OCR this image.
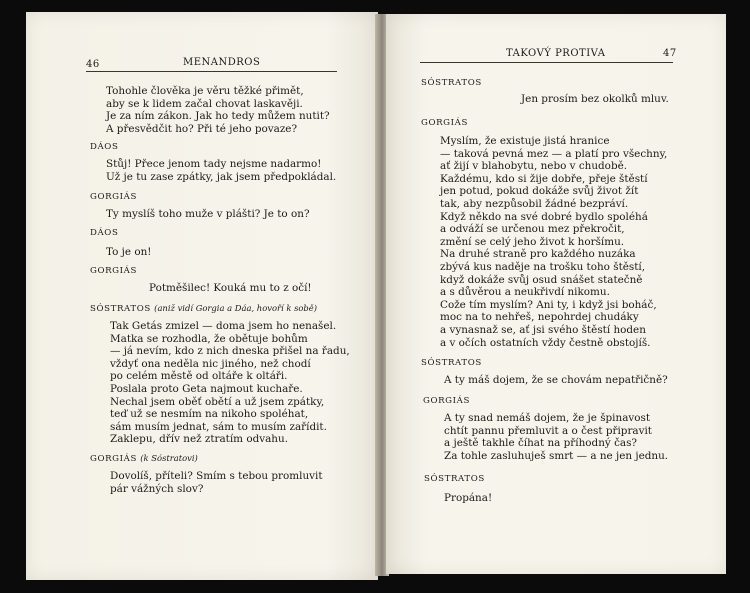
46	MENANDROS
TAKOVÝ PROTIVA	47
Tohohle člověka je věru těžké přimět,
aby se k lidem začal chovat laskavěji.
Je za ním zákon. Jak ho tedy můžem nutit?
A přesvědčit ho? Při té jeho povaze?
DÁOS
Stůj! Přece jenom tady nejsme nadarmo!
Už je tu zase zpátky, jak jsem předpokládal.
GORGIÁS
Ty myslíš toho muže v plášti? Je to on?
DÁOS
To je on!
GORGIÁS
Potměšilec! Kouká mu to z očí!
SÓSTRATOS (aniž vidí Gorgia a Dáa, hovoří k sobě)
Tak Getás zmizel — doma jsem ho nenašel.
Matka se rozhodla, že obětuje bohům
— já nevím, kdo z nich dneska přišel na řadu,
vždyť ona neděla nic jiného, než chodí
po celém městě od oltáře k oltáři.
Poslala proto Geta najmout kuchaře.
Nechal jsem oběť obětí a už jsem zpátky,
teď už se nesmím na nikoho spoléhat,
sám musím jednat, sám to musím zařídit.
Zaklepu, dřív než ztratím odvahu.
GORGIÁS (k Sóstratovi)
Dovolíš, příteli? Smím s tebou promluvit
pár vážných slov?
SÓSTRATOS
Jen prosím bez okolků mluv.
GORGIÁS
Myslím, že existuje jistá hranice
— taková pevná mez — a platí pro všechny,
ať žijí v blahobytu, nebo v chudobě.
Každému, kdo si žije dobře, přeje štěstí
jen potud, pokud dokáže svůj život žít
tak, aby nezpůsobil žádné bezpráví.
Když někdo na své dobré bydlo spoléhá
a odváží se určenou mez překročit,
změní se celý jeho život k horšímu.
Na druhé straně pro každého nuzáka
zbývá kus naděje na trošku toho štěstí,
když dokáže svůj osud snášet statečně
a s důvěrou a neukřivdí nikomu.
Cože tím myslím? Ani ty, i když jsi boháč,
moc na to nehřeš, nepohrdej chudáky
a vynasnaž se, ať jsi svého štěstí hoden
a v očích ostatních vždy čestně obstojíš.
SÓSTRATOS
A ty máš dojem, že se chovám nepatřičně?
GORGIÁS
A ty snad nemáš dojem, že je špinavost
chtít pannu přemluvit a o čest připravit
a ještě takhle číhat na příhodný čas?
Za tohle zasluhuješ smrt — a ne jen jednu.
SÓSTRATOS
Propána!
